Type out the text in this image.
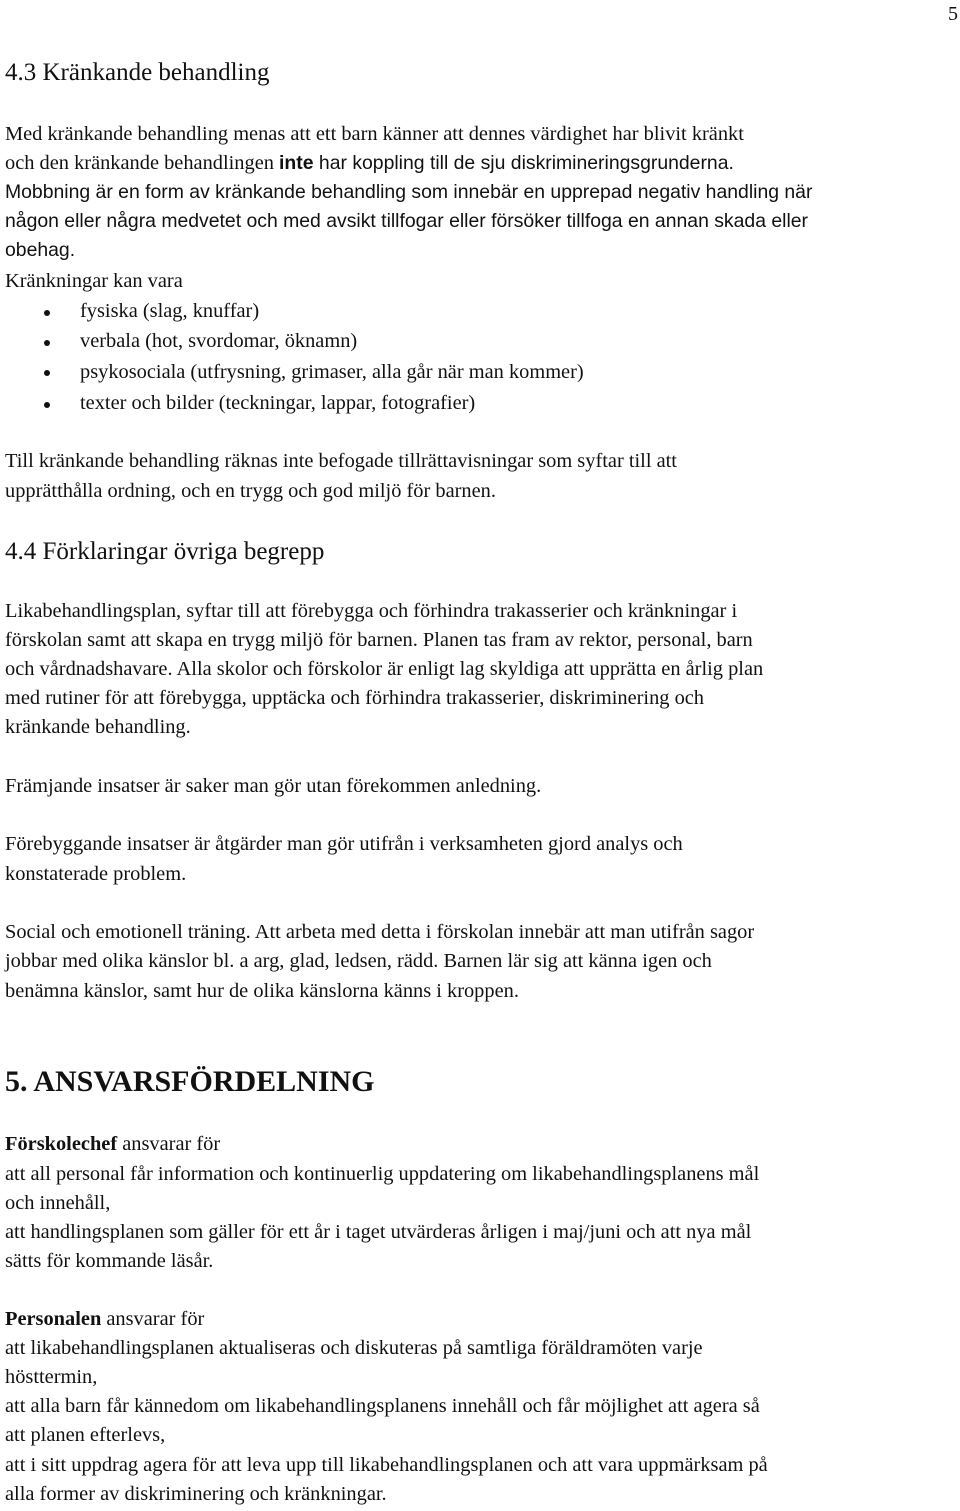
5
4.3 Kränkande behandling
Med kränkande behandling menas att ett barn känner att dennes värdighet har blivit kränkt
och den kränkande behandlingen inte har koppling till de sju diskrimineringsgrunderna.
Mobbning är en form av kränkande behandling som innebär en upprepad negativ handling när
någon eller några medvetet och med avsikt tillfogar eller försöker tillfoga en annan skada eller
obehag.
Kränkningar kan vara
fysiska (slag, knuffar)
verbala (hot, svordomar, öknamn)
psykosociala (utfrysning, grimaser, alla går när man kommer)
texter och bilder (teckningar, lappar, fotografier)
Till kränkande behandling räknas inte befogade tillrättavisningar som syftar till att
upprätthålla ordning, och en trygg och god miljö för barnen.
4.4 Förklaringar övriga begrepp
Likabehandlingsplan, syftar till att förebygga och förhindra trakasserier och kränkningar i
förskolan samt att skapa en trygg miljö för barnen. Planen tas fram av rektor, personal, barn
och vårdnadshavare. Alla skolor och förskolor är enligt lag skyldiga att upprätta en årlig plan
med rutiner för att förebygga, upptäcka och förhindra trakasserier, diskriminering och
kränkande behandling.
Främjande insatser är saker man gör utan förekommen anledning.
Förebyggande insatser är åtgärder man gör utifrån i verksamheten gjord analys och
konstaterade problem.
Social och emotionell träning. Att arbeta med detta i förskolan innebär att man utifrån sagor
jobbar med olika känslor bl. a arg, glad, ledsen, rädd. Barnen lär sig att känna igen och
benämna känslor, samt hur de olika känslorna känns i kroppen.
5. ANSVARSFÖRDELNING
Förskolechef ansvarar för
att all personal får information och kontinuerlig uppdatering om likabehandlingsplanens mål
och innehåll,
att handlingsplanen som gäller för ett år i taget utvärderas årligen i maj/juni och att nya mål
sätts för kommande läsår.
Personalen ansvarar för
att likabehandlingsplanen aktualiseras och diskuteras på samtliga föräldramöten varje
hösttermin,
att alla barn får kännedom om likabehandlingsplanens innehåll och får möjlighet att agera så
att planen efterlevs,
att i sitt uppdrag agera för att leva upp till likabehandlingsplanen och att vara uppmärksam på
alla former av diskriminering och kränkningar.
